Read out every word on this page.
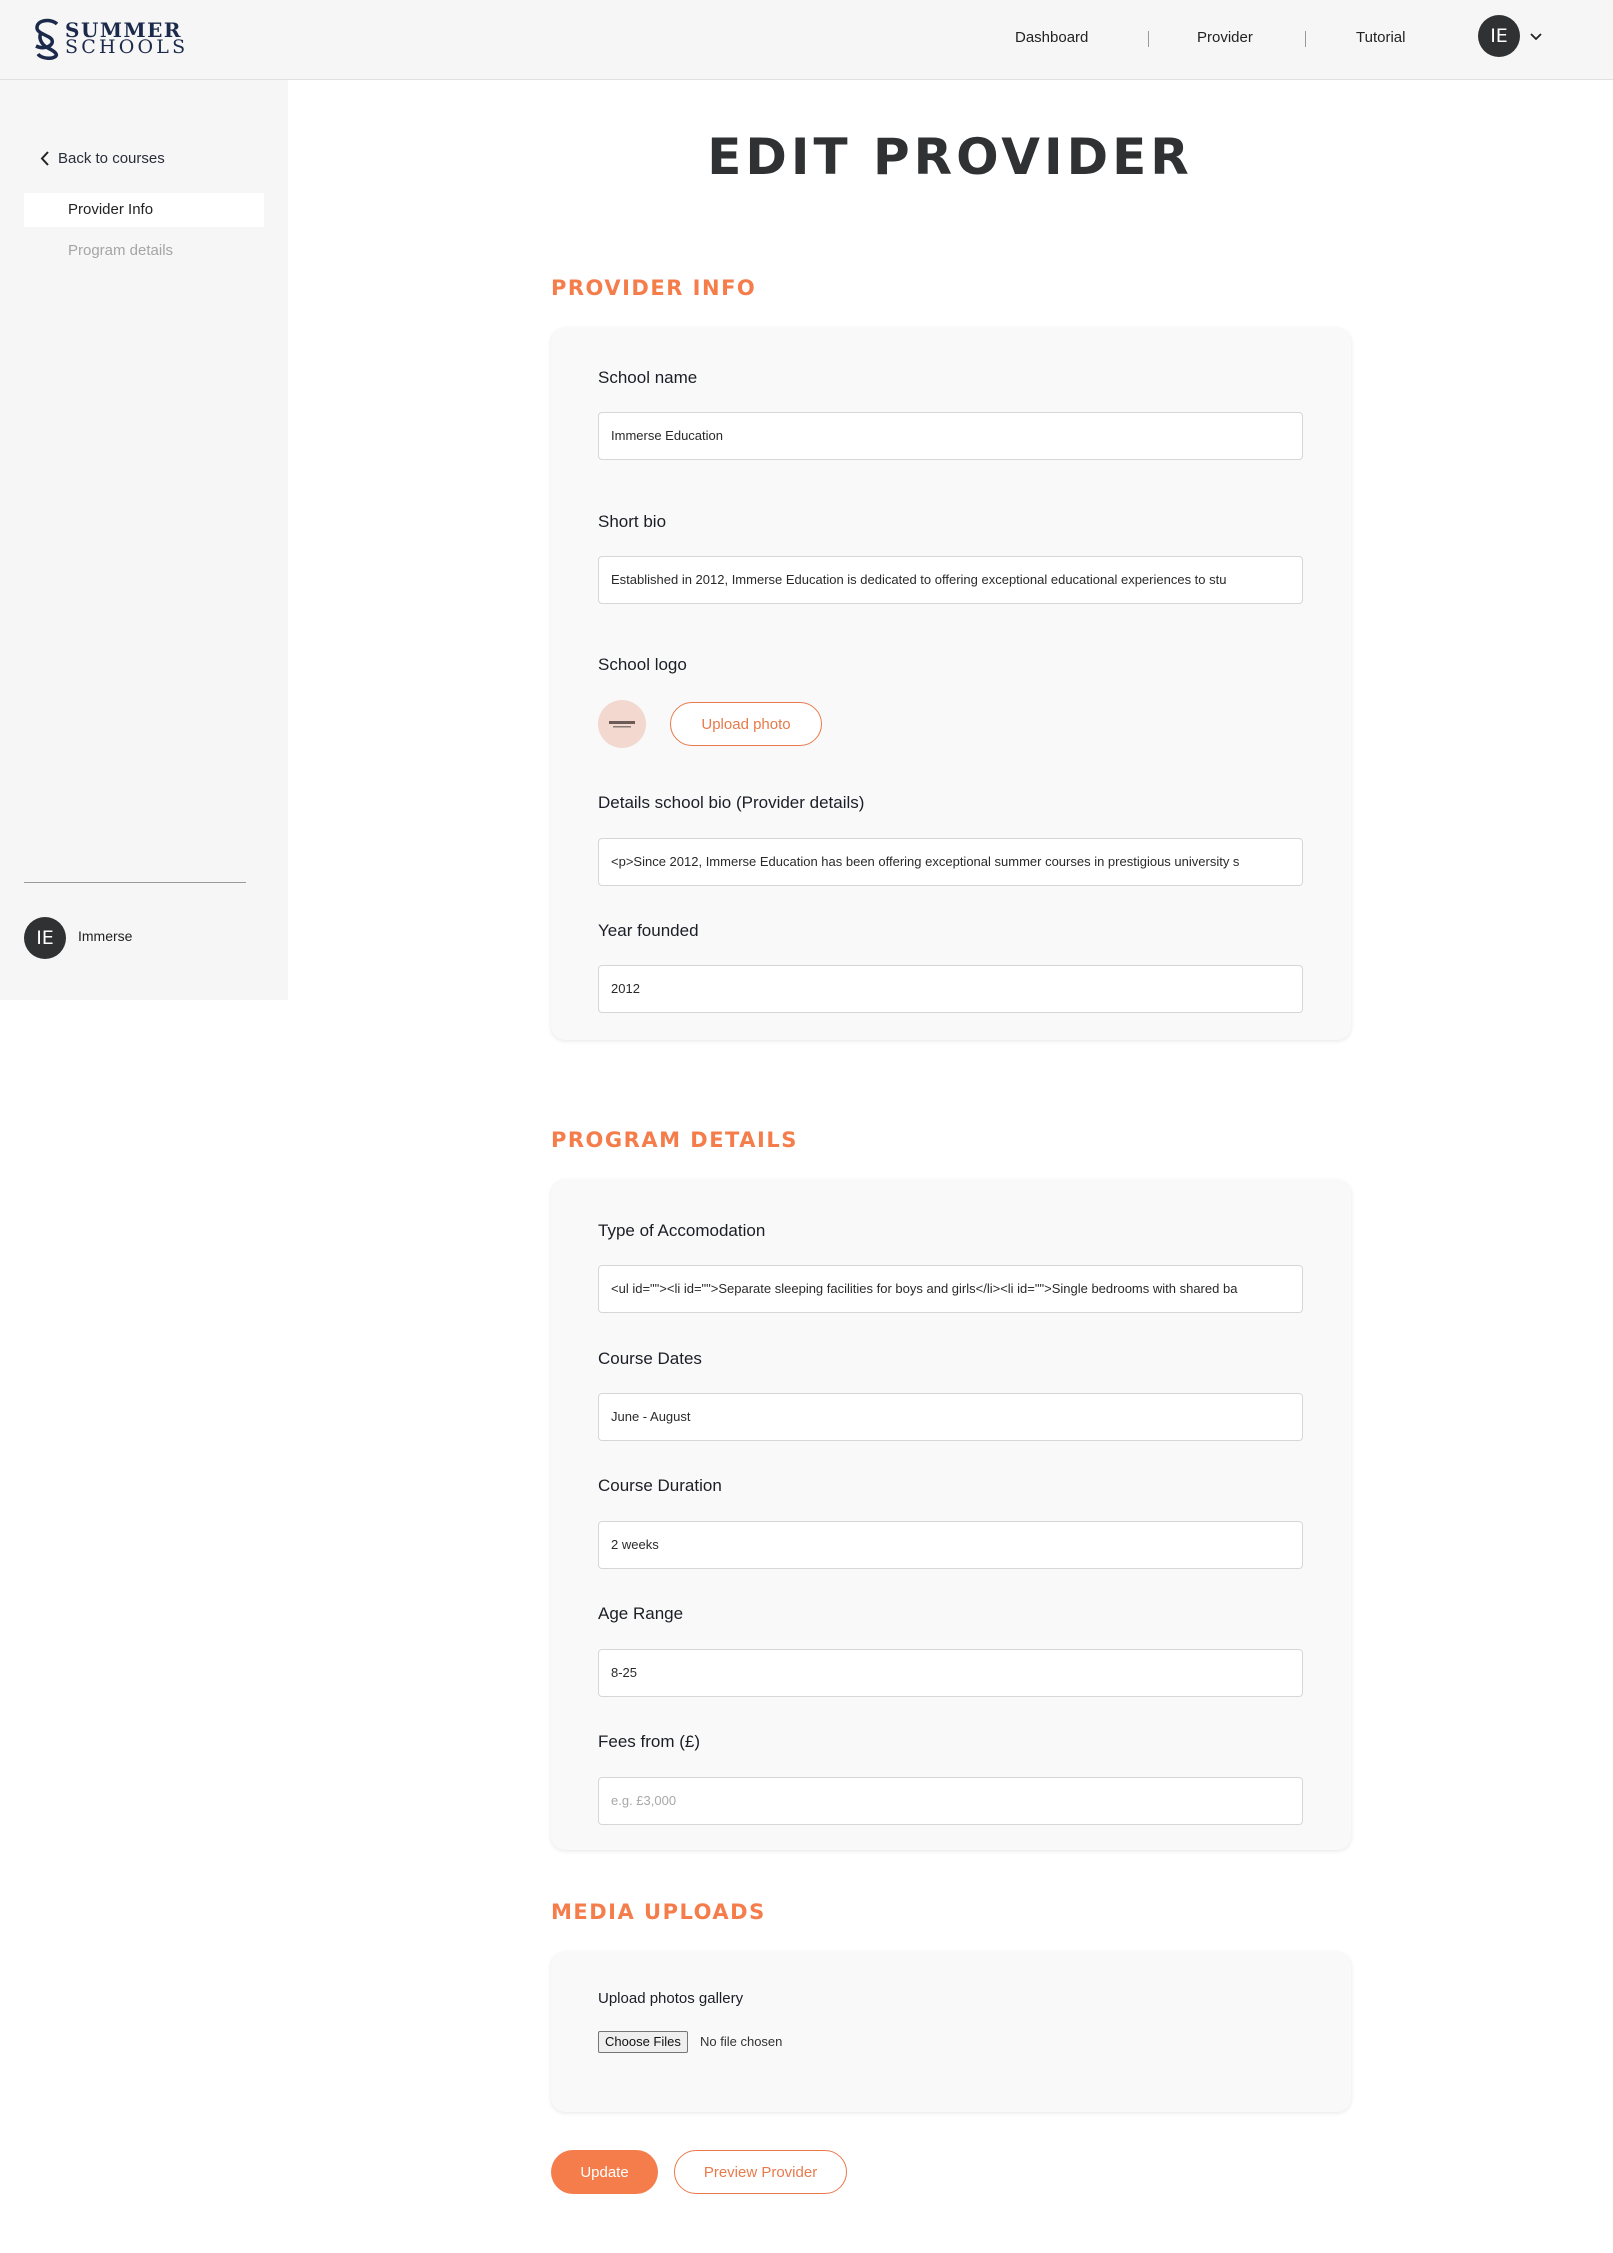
SUMMER
SCHOOLS	Dashboard	Provider	Tutorial	IE
Back to courses
Provider Info
Program details
IE	Immerse
EDIT PROVIDER
PROVIDER INFO
School name
Immerse Education
Short bio
Established in 2012, Immerse Education is dedicated to offering exceptional educational experiences to stu
School logo
Upload photo
Details school bio (Provider details)
<p>Since 2012, Immerse Education has been offering exceptional summer courses in prestigious university s
Year founded
2012
PROGRAM DETAILS
Type of Accomodation
<ul id=""><li id="">Separate sleeping facilities for boys and girls</li><li id="">Single bedrooms with shared ba
Course Dates
June - August
Course Duration
2 weeks
Age Range
8-25
Fees from (£)
e.g. £3,000
MEDIA UPLOADS
Upload photos gallery
Choose Files	No file chosen
Update	Preview Provider
